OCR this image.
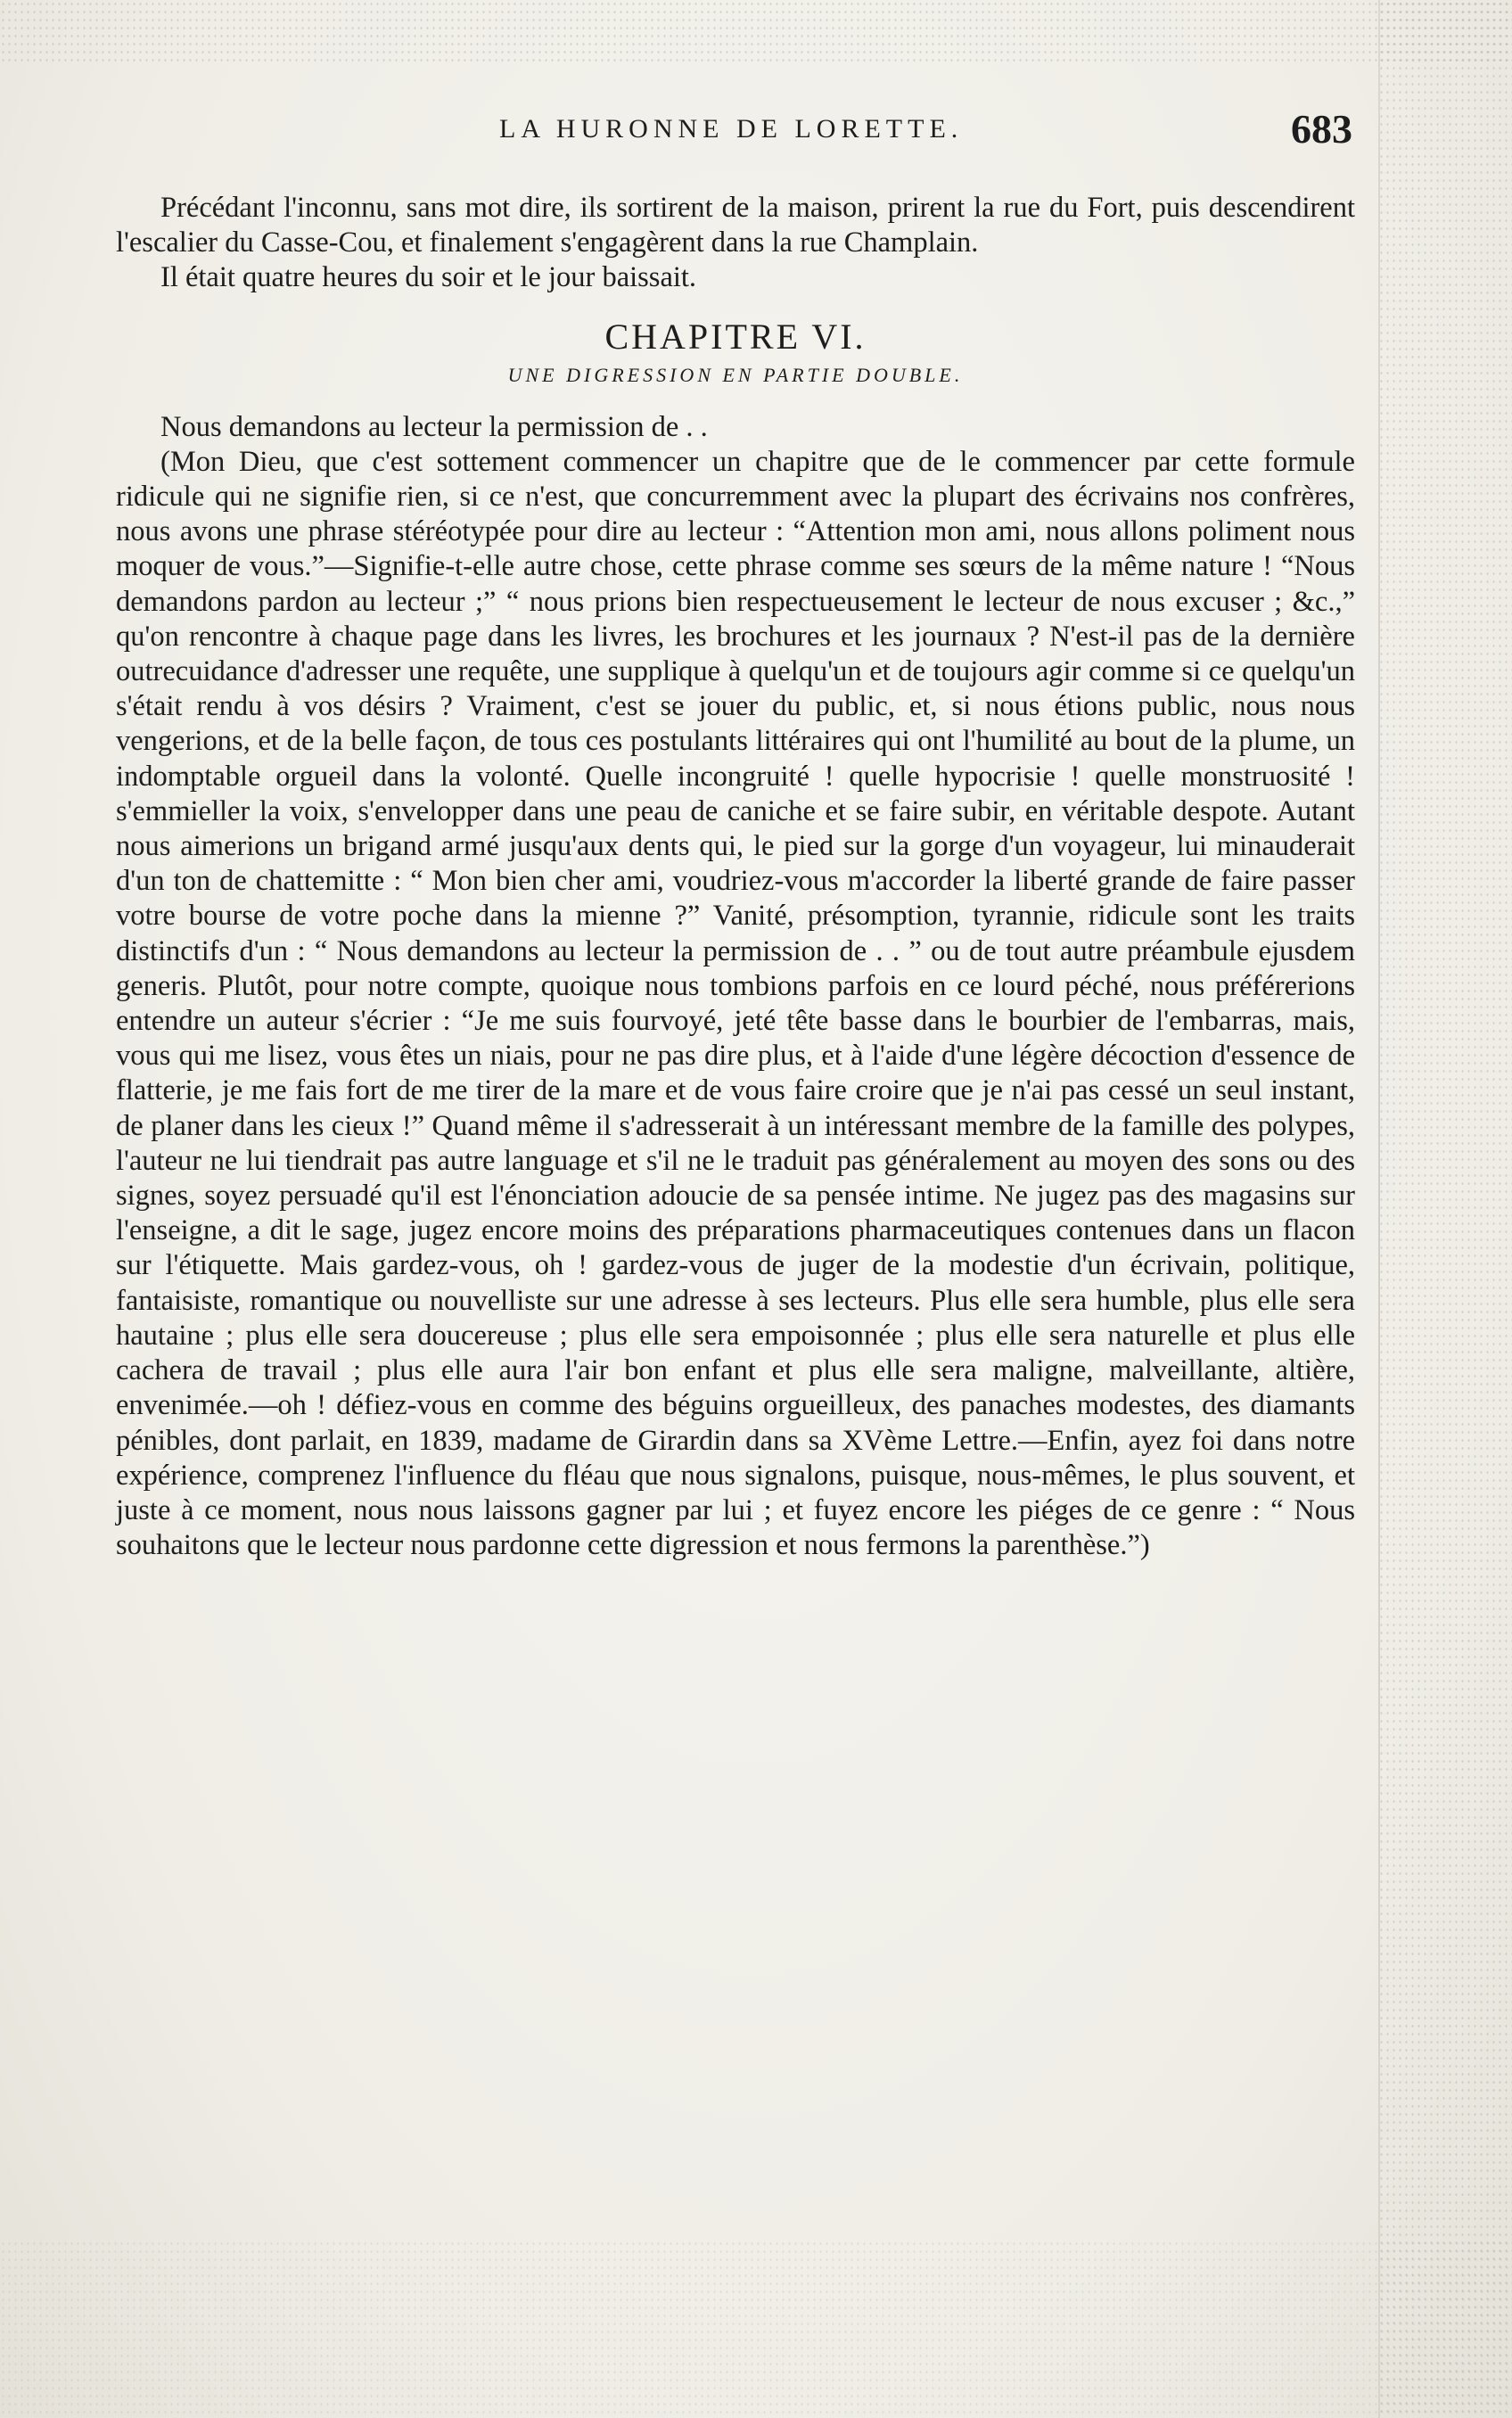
LA HURONNE DE LORETTE.	683

Précédant l'inconnu, sans mot dire, ils sortirent de la maison, prirent la rue du Fort, puis descendirent l'escalier du Casse-Cou, et finalement s'engagèrent dans la rue Champlain.

Il était quatre heures du soir et le jour baissait.

CHAPITRE VI.
UNE DIGRESSION EN PARTIE DOUBLE.

Nous demandons au lecteur la permission de . .

(Mon Dieu, que c'est sottement commencer un chapitre que de le commencer par cette formule ridicule qui ne signifie rien, si ce n'est, que concurremment avec la plupart des écrivains nos confrères, nous avons une phrase stéréotypée pour dire au lecteur : “Attention mon ami, nous allons poliment nous moquer de vous.”—Signifie-t-elle autre chose, cette phrase comme ses sœurs de la même nature ! “Nous demandons pardon au lecteur ;” “ nous prions bien respectueusement le lecteur de nous excuser ; &c.,” qu'on rencontre à chaque page dans les livres, les brochures et les journaux ? N'est-il pas de la dernière outrecuidance d'adresser une requête, une supplique à quelqu'un et de toujours agir comme si ce quelqu'un s'était rendu à vos désirs ? Vraiment, c'est se jouer du public, et, si nous étions public, nous nous vengerions, et de la belle façon, de tous ces postulants littéraires qui ont l'humilité au bout de la plume, un indomptable orgueil dans la volonté. Quelle incongruité ! quelle hypocrisie ! quelle monstruosité ! s'emmieller la voix, s'envelopper dans une peau de caniche et se faire subir, en véritable despote. Autant nous aimerions un brigand armé jusqu'aux dents qui, le pied sur la gorge d'un voyageur, lui minauderait d'un ton de chattemitte : “ Mon bien cher ami, voudriez-vous m'accorder la liberté grande de faire passer votre bourse de votre poche dans la mienne ?” Vanité, présomption, tyrannie, ridicule sont les traits distinctifs d'un : “ Nous demandons au lecteur la permission de . . ” ou de tout autre préambule ejusdem generis. Plutôt, pour notre compte, quoique nous tombions parfois en ce lourd péché, nous préférerions entendre un auteur s'écrier : “Je me suis fourvoyé, jeté tête basse dans le bourbier de l'embarras, mais, vous qui me lisez, vous êtes un niais, pour ne pas dire plus, et à l'aide d'une légère décoction d'essence de flatterie, je me fais fort de me tirer de la mare et de vous faire croire que je n'ai pas cessé un seul instant, de planer dans les cieux !” Quand même il s'adresserait à un intéressant membre de la famille des polypes, l'auteur ne lui tiendrait pas autre language et s'il ne le traduit pas généralement au moyen des sons ou des signes, soyez persuadé qu'il est l'énonciation adoucie de sa pensée intime. Ne jugez pas des magasins sur l'enseigne, a dit le sage, jugez encore moins des préparations pharmaceutiques contenues dans un flacon sur l'étiquette. Mais gardez-vous, oh ! gardez-vous de juger de la modestie d'un écrivain, politique, fantaisiste, romantique ou nouvelliste sur une adresse à ses lecteurs. Plus elle sera humble, plus elle sera hautaine ; plus elle sera doucereuse ; plus elle sera empoisonnée ; plus elle sera naturelle et plus elle cachera de travail ; plus elle aura l'air bon enfant et plus elle sera maligne, malveillante, altière, envenimée.—oh ! défiez-vous en comme des béguins orgueilleux, des panaches modestes, des diamants pénibles, dont parlait, en 1839, madame de Girardin dans sa XVème Lettre.—Enfin, ayez foi dans notre expérience, comprenez l'influence du fléau que nous signalons, puisque, nous-mêmes, le plus souvent, et juste à ce moment, nous nous laissons gagner par lui ; et fuyez encore les piéges de ce genre : “ Nous souhaitons que le lecteur nous pardonne cette digression et nous fermons la parenthèse.”)
